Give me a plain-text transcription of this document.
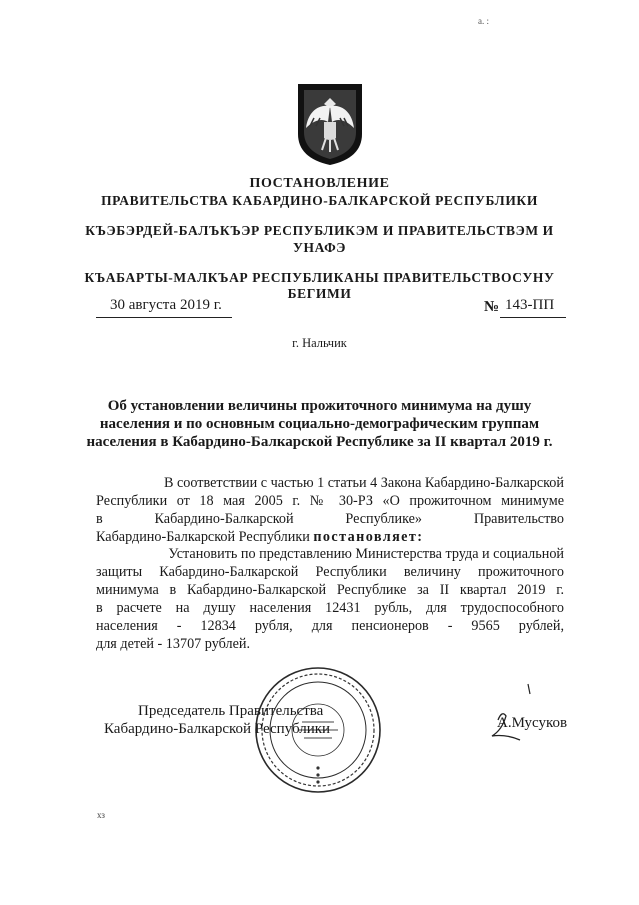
а. :
ПОСТАНОВЛЕНИЕ
ПРАВИТЕЛЬСТВА КАБАРДИНО-БАЛКАРСКОЙ РЕСПУБЛИКИ
КЪЭБЭРДЕЙ-БАЛЪКЪЭР РЕСПУБЛИКЭМ И ПРАВИТЕЛЬСТВЭМ И
УНАФЭ
КЪАБАРТЫ-МАЛКЪАР РЕСПУБЛИКАНЫ ПРАВИТЕЛЬСТВОСУНУ
БЕГИМИ
30 августа 2019 г.	№ 143-ПП
г. Нальчик
Об установлении величины прожиточного минимума на душу
населения и по основным социально-демографическим группам
населения в Кабардино-Балкарской Республике за II квартал 2019 г.
В соответствии с частью 1 статьи 4 Закона Кабардино-Балкарской
Республики от 18 мая 2005 г. № 30-РЗ «О прожиточном минимуме
в Кабардино-Балкарской Республике» Правительство
Кабардино-Балкарской Республики постановляет:
Установить по представлению Министерства труда и социальной
защиты Кабардино-Балкарской Республики величину прожиточного
минимума в Кабардино-Балкарской Республике за II квартал 2019 г.
в расчете на душу населения 12431 рубль, для трудоспособного
населения - 12834 рубля, для пенсионеров - 9565 рублей,
для детей - 13707 рублей.
Председатель Правительства
Кабардино-Балкарской Республики	А.Мусуков
хз
